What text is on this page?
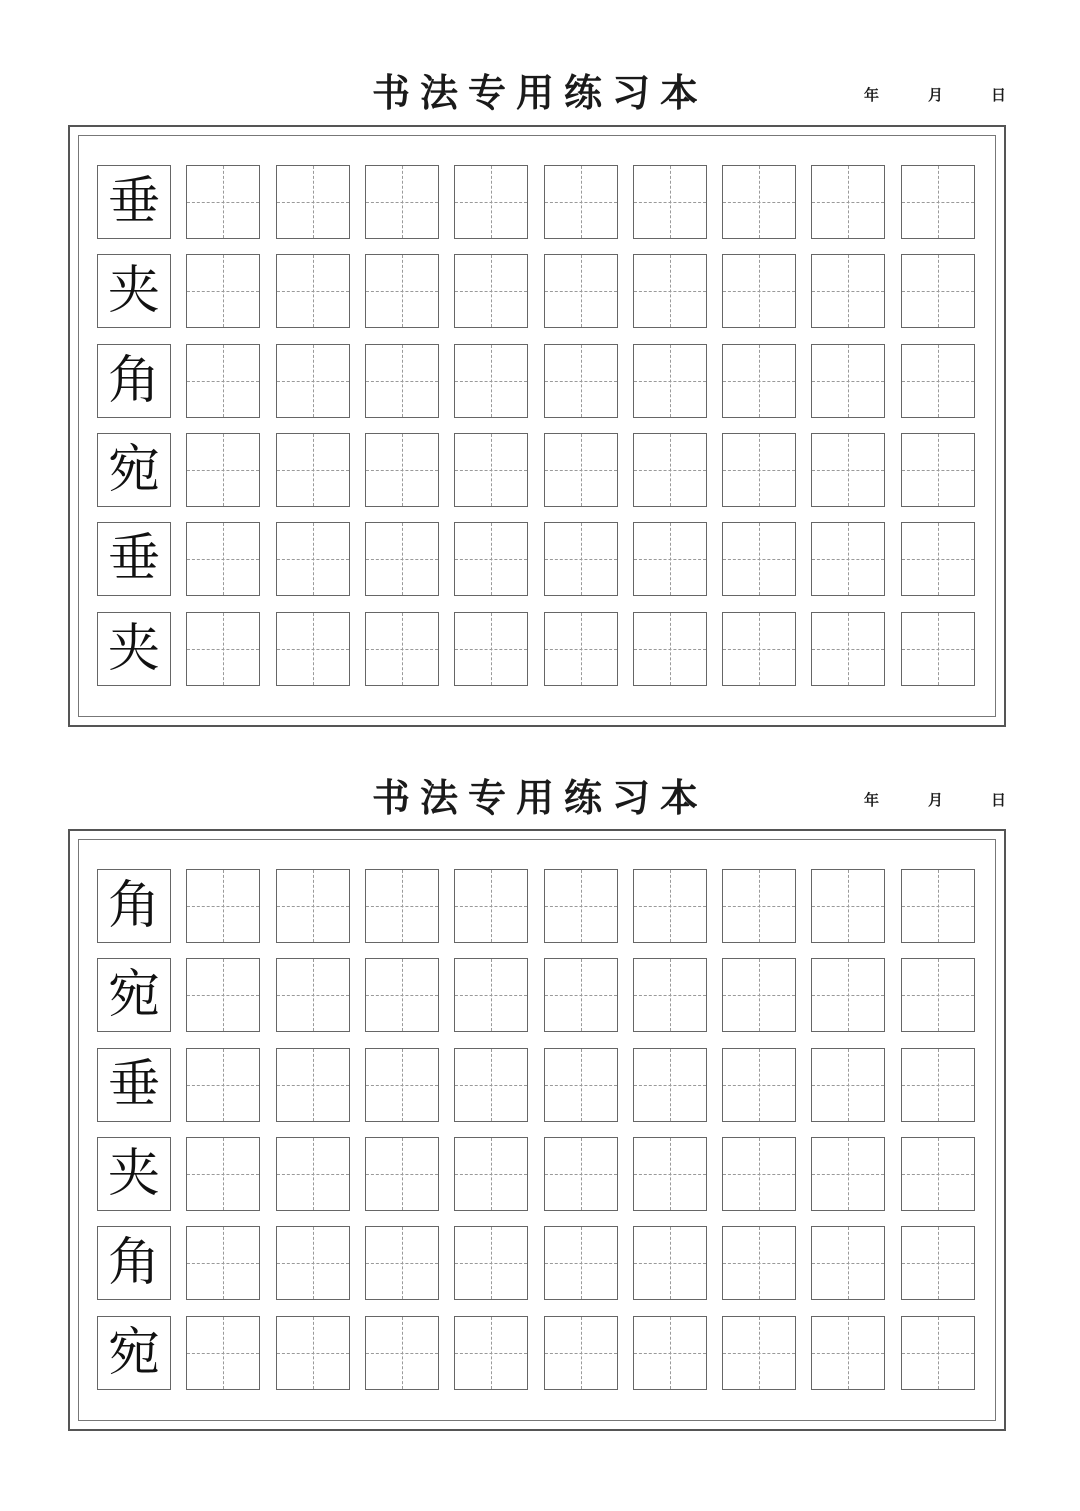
书法专用练习本	年	月	日
垂
夹
角
宛
垂
夹
书法专用练习本	年	月	日
角
宛
垂
夹
角
宛
